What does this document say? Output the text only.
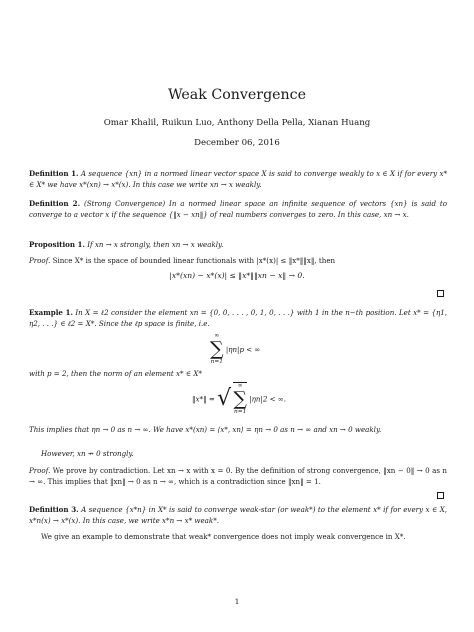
Weak Convergence
Omar Khalil, Ruikun Luo, Anthony Della Pella, Xianan Huang
December 06, 2016

Definition 1. A sequence {xn} in a normed linear vector space X is said to converge weakly to x ∈ X if for every x* ∈ X* we have x*(xn) → x*(x). In this case we write xn → x weakly.

Definition 2. (Strong Convergence) In a normed linear space an infinite sequence of vectors {xn} is said to converge to a vector x if the sequence {‖x − xn‖} of real numbers converges to zero. In this case, xn → x.

Proposition 1. If xn → x strongly, then xn → x weakly.

Proof. Since X* is the space of bounded linear functionals with |x*(x)| ≤ ‖x*‖‖x‖, then

|x*(xn) − x*(x)| ≤ ‖x*‖‖xn − x‖ → 0.

Example 1. In X = ℓ2 consider the element xn = {0, 0, . . . , 0, 1, 0, . . .} with 1 in the n−th position. Let x* = {η1, η2, . . .} ∈ ℓ2 = X*. Since the ℓp space is finite, i.e.

∞
∑
n=1
|ηn|p < ∞

with p = 2, then the norm of an element x* ∈ X*

‖x*‖ = √	∞
∑
n=1
|ηn|2 < ∞.

This implies that ηn → 0 as n → ∞. We have x*(xn) = ⟨x*, xn⟩ = ηn → 0 as n → ∞ and xn → 0 weakly.

However, xn ↛ 0 strongly.

Proof. We prove by contradiction. Let xn → x with x = 0. By the definition of strong convergence, ‖xn − 0‖ → 0 as n → ∞. This implies that ‖xn‖ → 0 as n → ∞, which is a contradiction since ‖xn‖ = 1.

Definition 3. A sequence {x*n} in X* is said to converge weak-star (or weak*) to the element x* if for every x ∈ X, x*n(x) → x*(x). In this case, we write x*n → x* weak*.

We give an example to demonstrate that weak* convergence does not imply weak convergence in X*.

1
